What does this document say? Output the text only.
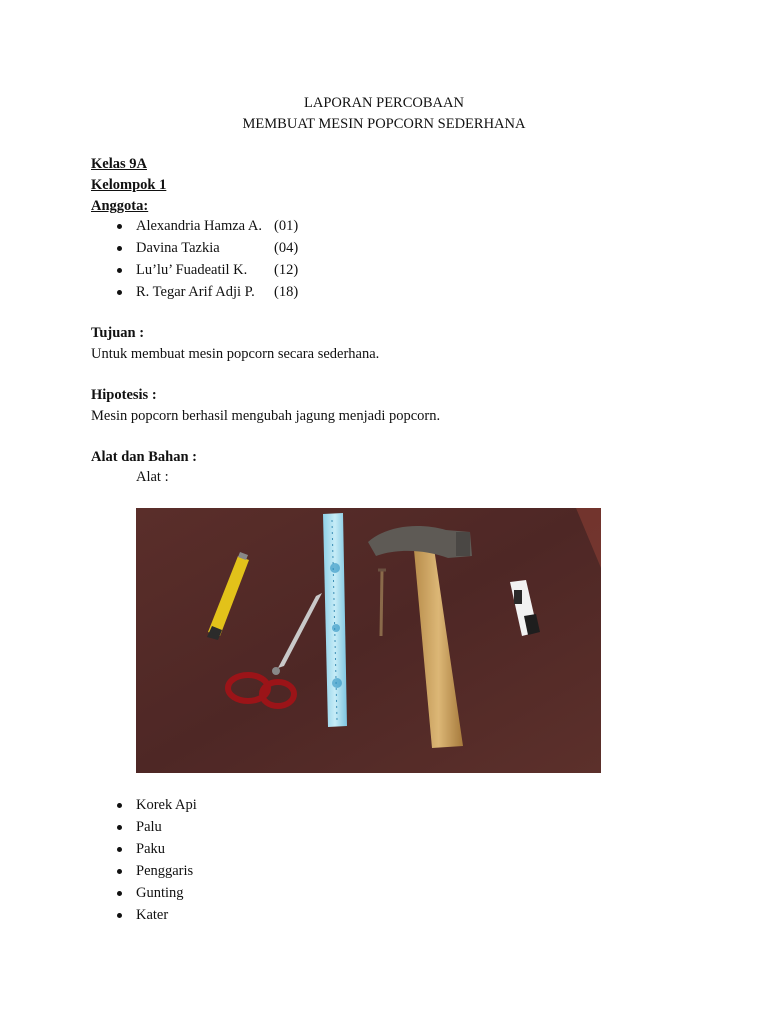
LAPORAN PERCOBAAN
MEMBUAT MESIN POPCORN SEDERHANA
Kelas 9A
Kelompok 1
Anggota:
Alexandria Hamza A. (01)
Davina Tazkia	(04)
Lu’lu’ Fuadeatil K. (12)
R. Tegar Arif Adji P. (18)
Tujuan :
Untuk membuat mesin popcorn secara sederhana.
Hipotesis :
Mesin popcorn berhasil mengubah jagung menjadi popcorn.
Alat dan Bahan :
Alat :
Korek Api
Palu
Paku
Penggaris
Gunting
Kater
